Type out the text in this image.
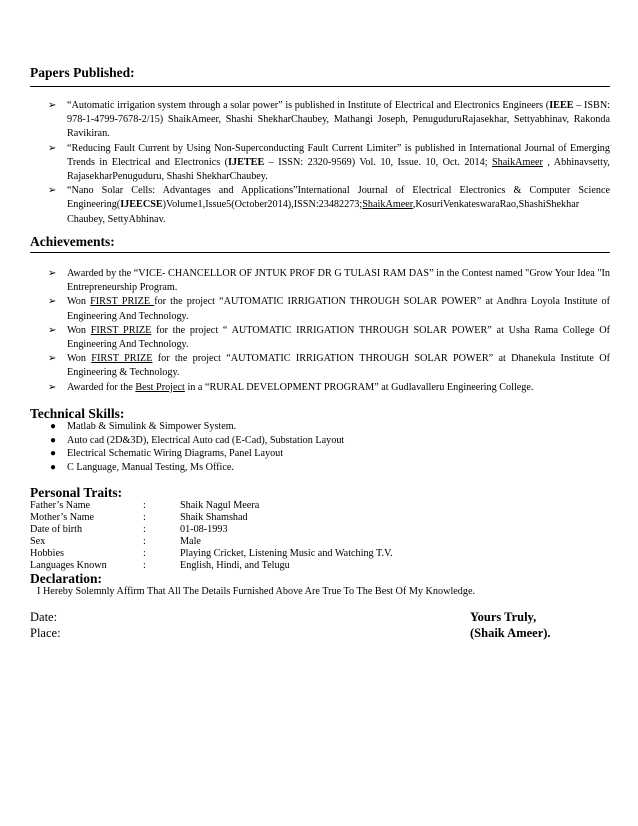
Papers Published:
➢ “Automatic irrigation system through a solar power” is published in Institute of Electrical and Electronics Engineers (IEEE – ISBN: 978-1-4799-7678-2/15) ShaikAmeer, Shashi ShekharChaubey, Mathangi Joseph, PenuguduruRajasekhar, Settyabhinav, Rakonda Ravikiran.
➢ “Reducing Fault Current by Using Non-Superconducting Fault Current Limiter” is published in International Journal of Emerging Trends in Electrical and Electronics (IJETEE – ISSN: 2320-9569) Vol. 10, Issue. 10, Oct. 2014; ShaikAmeer , Abhinavsetty, RajasekharPenuguduru, Shashi ShekharChaubey.
➢ “Nano Solar Cells: Advantages and Applications”International Journal of Electrical Electronics & Computer Science Engineering(IJEECSE)Volume1,Issue5(October2014),ISSN:23482273;ShaikAmeer,KosuriVenkateswaraRao,ShashiShekhar Chaubey, SettyAbhinav.
Achievements:
➢ Awarded by the “VICE- CHANCELLOR OF JNTUK PROF DR G TULASI RAM DAS” in the Contest named "Grow Your Idea "In Entrepreneurship Program.
➢ Won FIRST PRIZE for the project “AUTOMATIC IRRIGATION THROUGH SOLAR POWER” at Andhra Loyola Institute of Engineering And Technology.
➢ Won FIRST PRIZE for the project “ AUTOMATIC IRRIGATION THROUGH SOLAR POWER” at Usha Rama College Of Engineering And Technology.
➢ Won FIRST PRIZE for the project “AUTOMATIC IRRIGATION THROUGH SOLAR POWER” at Dhanekula Institute Of Engineering & Technology.
➢ Awarded for the Best Project in a “RURAL DEVELOPMENT PROGRAM” at Gudlavalleru Engineering College.
Technical Skills:
● Matlab & Simulink & Simpower System.
● Auto cad (2D&3D), Electrical Auto cad (E-Cad), Substation Layout
● Electrical Schematic Wiring Diagrams, Panel Layout
● C Language, Manual Testing, Ms Office.
Personal Traits:
Father’s Name	:	Shaik Nagul Meera
Mother’s Name	:	Shaik Shamshad
Date of birth	:	01-08-1993
Sex	:	Male
Hobbies	:	Playing Cricket, Listening Music and Watching T.V.
Languages Known	:	English, Hindi, and Telugu
Declaration:

I Hereby Solemnly Affirm That All The Details Furnished Above Are True To The Best Of My Knowledge.

Date:

Place:

Yours Truly,

(Shaik Ameer).
